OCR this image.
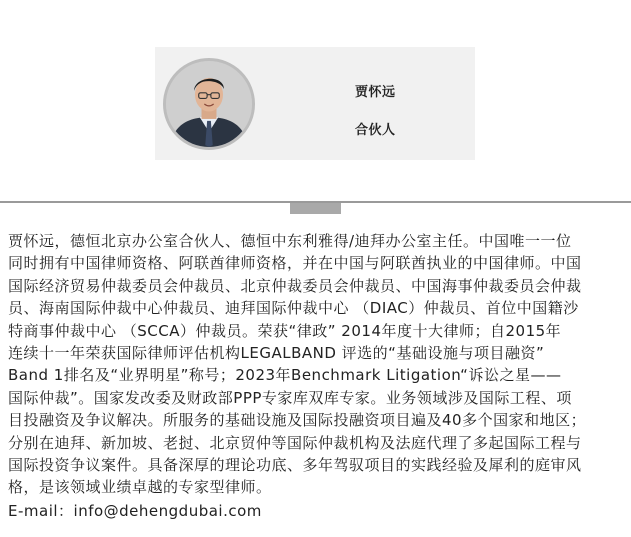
贾怀远
合伙人
贾怀远，德恒北京办公室合伙人、德恒中东利雅得/迪拜办公室主任。中国唯一一位
同时拥有中国律师资格、阿联酋律师资格，并在中国与阿联酋执业的中国律师。中国
国际经济贸易仲裁委员会仲裁员、北京仲裁委员会仲裁员、中国海事仲裁委员会仲裁
员、海南国际仲裁中心仲裁员、迪拜国际仲裁中心 （DIAC）仲裁员、首位中国籍沙
特商事仲裁中心 （SCCA）仲裁员。荣获“律政” 2014年度十大律师；自2015年
连续十一年荣获国际律师评估机构LEGALBAND 评选的“基础设施与项目融资”
Band 1排名及“业界明星”称号；2023年Benchmark Litigation“诉讼之星——
国际仲裁”。国家发改委及财政部PPP专家库双库专家。业务领域涉及国际工程、项
目投融资及争议解决。所服务的基础设施及国际投融资项目遍及40多个国家和地区；
分别在迪拜、新加坡、老挝、北京贸仲等国际仲裁机构及法庭代理了多起国际工程与
国际投资争议案件。具备深厚的理论功底、多年驾驭项目的实践经验及犀利的庭审风
格，是该领域业绩卓越的专家型律师。
E-mail：info@dehengdubai.com
